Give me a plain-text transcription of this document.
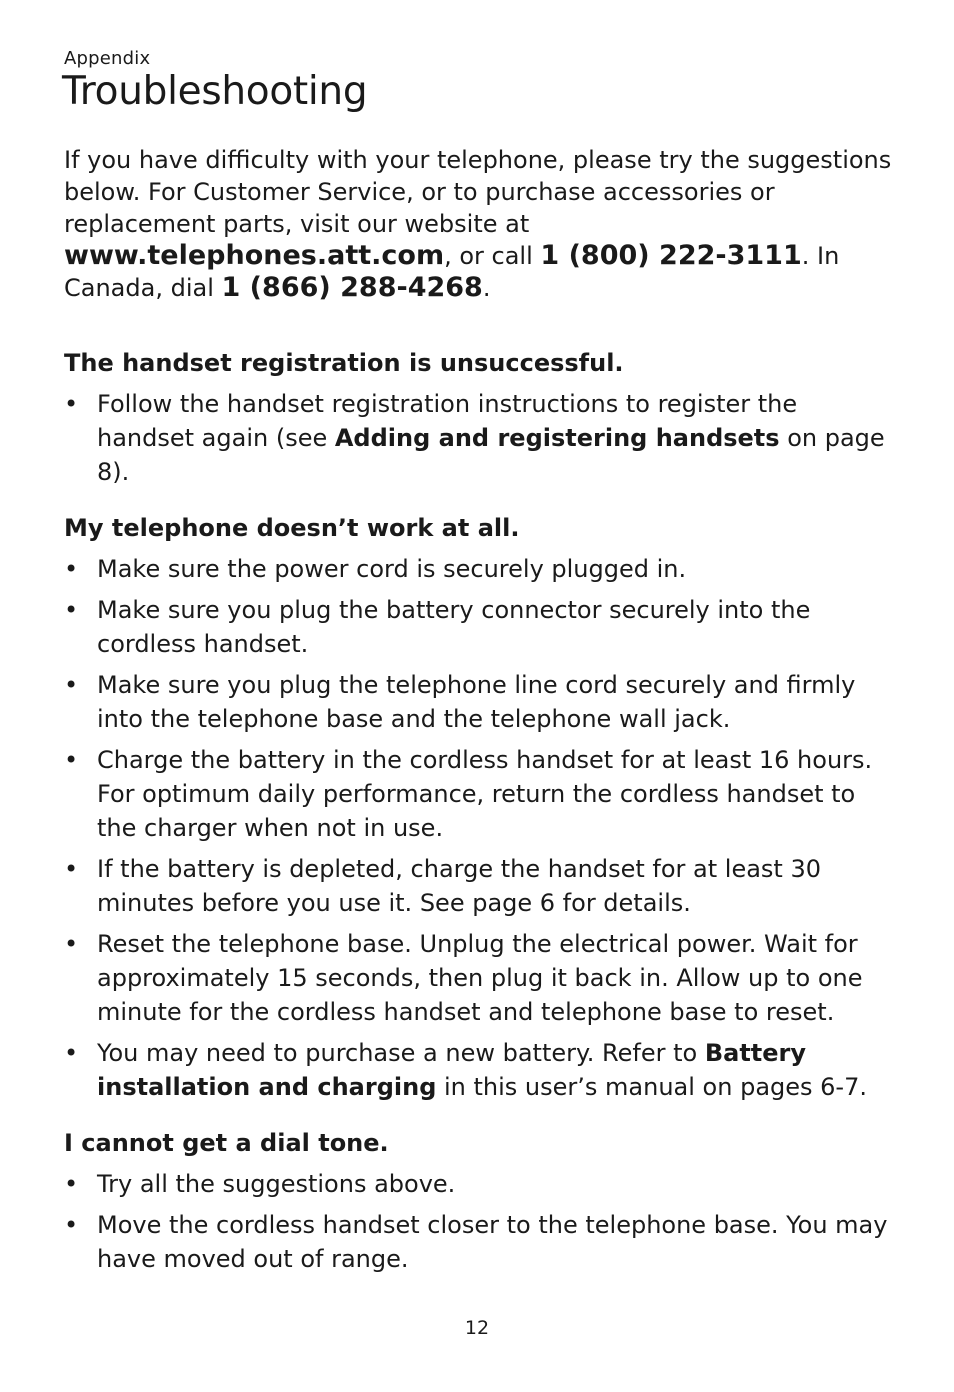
Appendix
Troubleshooting

If you have difficulty with your telephone, please try the suggestions below. For Customer Service, or to purchase accessories or replacement parts, visit our website at www.telephones.att.com, or call 1 (800) 222-3111. In Canada, dial 1 (866) 288-4268.

The handset registration is unsuccessful.
• Follow the handset registration instructions to register the handset again (see Adding and registering handsets on page 8).
My telephone doesn’t work at all.
• Make sure the power cord is securely plugged in.
• Make sure you plug the battery connector securely into the cordless handset.
• Make sure you plug the telephone line cord securely and firmly into the telephone base and the telephone wall jack.
• Charge the battery in the cordless handset for at least 16 hours. For optimum daily performance, return the cordless handset to the charger when not in use.
• If the battery is depleted, charge the handset for at least 30 minutes before you use it. See page 6 for details.
• Reset the telephone base. Unplug the electrical power. Wait for approximately 15 seconds, then plug it back in. Allow up to one minute for the cordless handset and telephone base to reset.
• You may need to purchase a new battery. Refer to Battery installation and charging in this user’s manual on pages 6-7.
I cannot get a dial tone.
• Try all the suggestions above.
• Move the cordless handset closer to the telephone base. You may have moved out of range.
12
